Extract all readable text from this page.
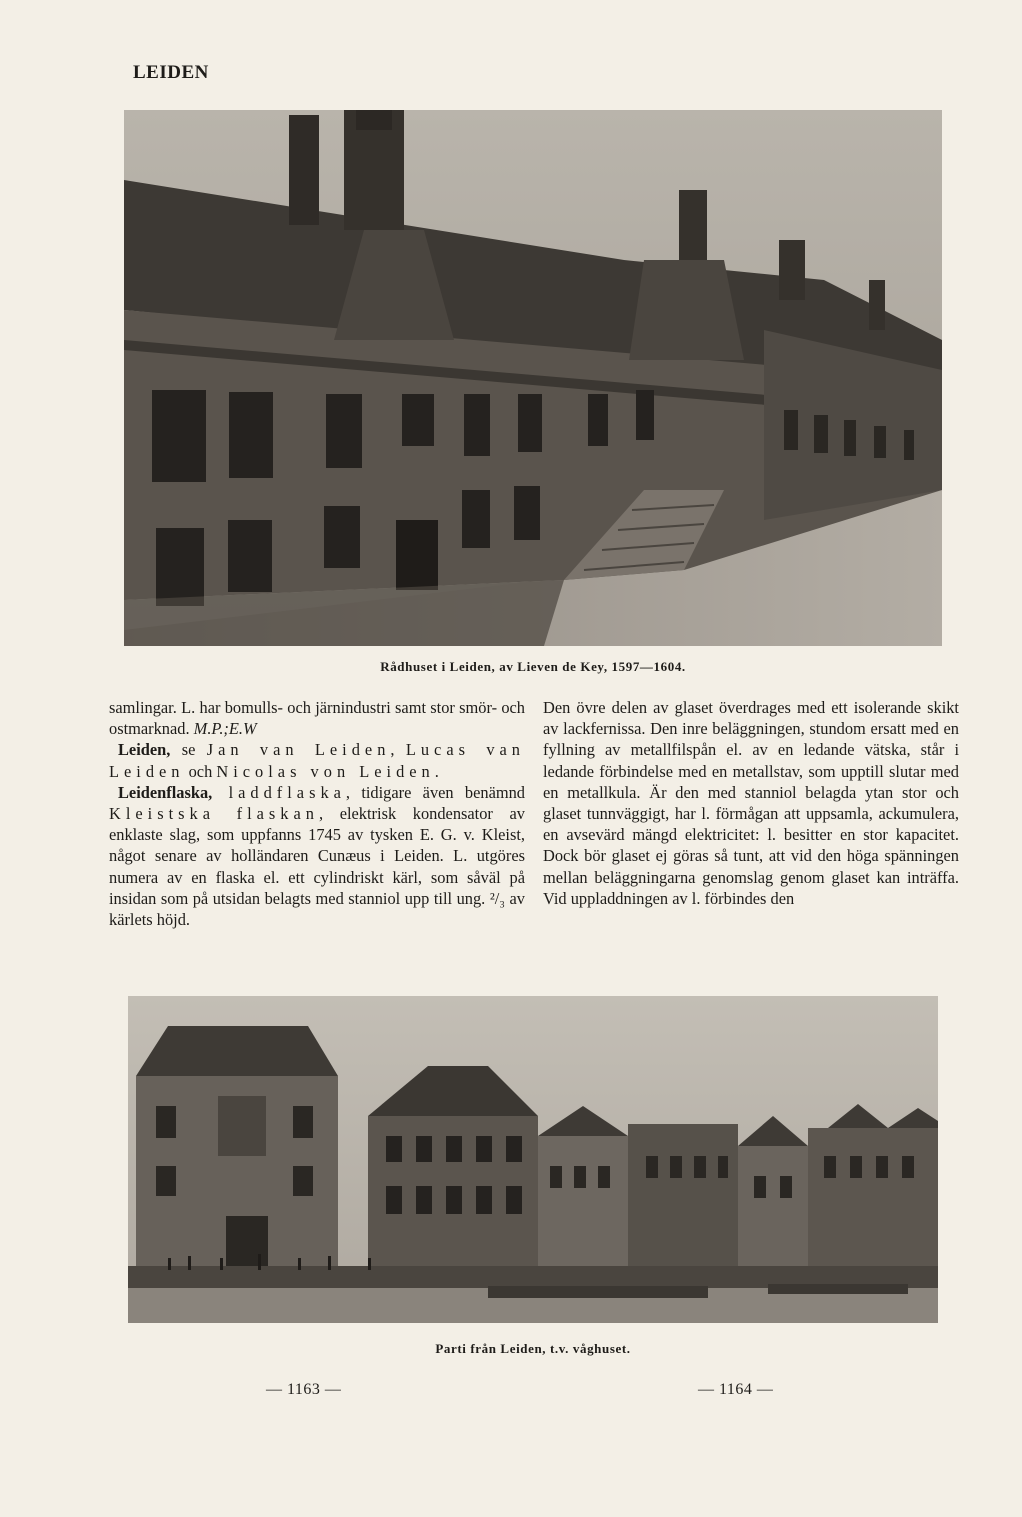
LEIDEN
Rådhuset i Leiden, av Lieven de Key, 1597—1604.

samlingar. L. har bomulls- och järnindustri samt stor smör- och ostmarknad. M.P.;E.W

Leiden, se Jan van Leiden, Lucas van Leiden och Nicolas von Leiden.

Leidenflaska, laddflaska, tidigare även benämnd Kleistska flaskan, elektrisk kondensator av enklaste slag, som uppfanns 1745 av tysken E. G. v. Kleist, något senare av holländaren Cunæus i Leiden. L. utgöres numera av en flaska el. ett cylindriskt kärl, som såväl på insidan som på utsidan belagts med stanniol upp till ung. ²/₃ av kärlets höjd.

Den övre delen av glaset överdrages med ett isolerande skikt av lackfernissa. Den inre beläggningen, stundom ersatt med en fyllning av metallfilspån el. av en ledande vätska, står i ledande förbindelse med en metallstav, som upptill slutar med en metallkula. Är den med stanniol belagda ytan stor och glaset tunnväggigt, har l. förmågan att uppsamla, ackumulera, en avsevärd mängd elektricitet: l. besitter en stor kapacitet. Dock bör glaset ej göras så tunt, att vid den höga spänningen mellan beläggningarna genomslag genom glaset kan inträffa. Vid uppladdningen av l. förbindes den

Parti från Leiden, t.v. våghuset.
— 1163 —	— 1164 —
